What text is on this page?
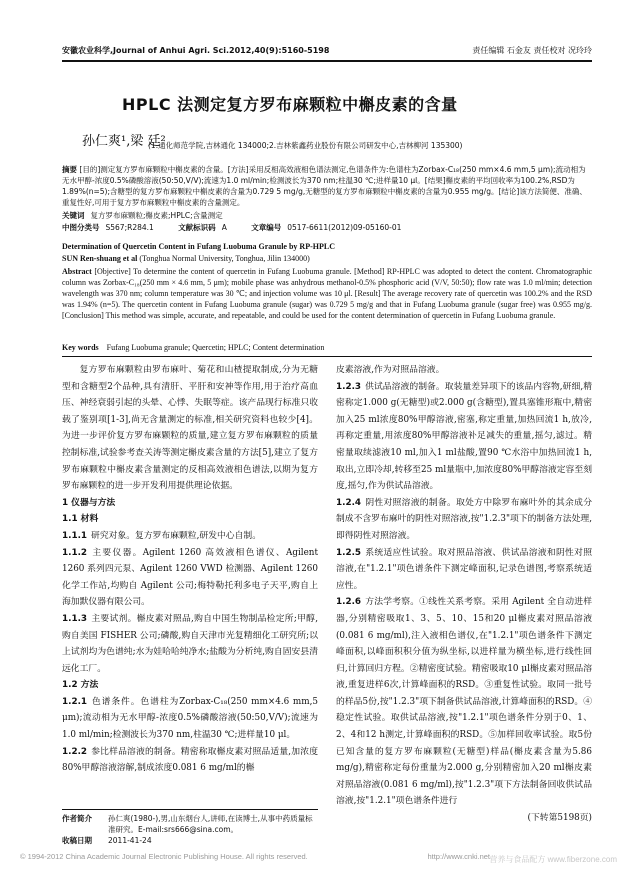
安徽农业科学,Journal of Anhui Agri. Sci.2012,40(9):5160-5198	责任编辑 石金友 责任校对 况玲玲
HPLC 法测定复方罗布麻颗粒中槲皮素的含量
孙仁爽¹,梁 廷²
(1.通化师范学院,吉林通化 134000;2.吉林紫鑫药业股份有限公司研发中心,吉林柳河 135300)
摘要 [目的]测定复方罗布麻颗粒中槲皮素的含量。[方法]采用反相高效液相色谱法测定,色谱条件为:色谱柱为Zorbax-C₁₈(250 mm×4.6 mm,5 μm);流动相为无水甲醇-浓度0.5%磷酸溶液(50:50,V/V);流速为1.0 ml/min;检测波长为370 nm;柱温30 ℃;进样量10 μl。[结果]槲皮素的平均回收率为100.2%,RSD为1.89%(n=5);含糖型的复方罗布麻颗粒中槲皮素的含量为0.729 5 mg/g,无糖型的复方罗布麻颗粒中槲皮素的含量为0.955 mg/g。[结论]该方法简便、准确、重复性好,可用于复方罗布麻颗粒中槲皮素的含量测定。
关键词 复方罗布麻颗粒;槲皮素;HPLC;含量测定
中图分类号 S567;R284.1	文献标识码 A	文章编号 0517-6611(2012)09-05160-01
Determination of Quercetin Content in Fufang Luobuma Granule by RP-HPLC
SUN Ren-shuang et al (Tonghua Normal University, Tonghua, Jilin 134000)
Abstract [Objective] To determine the content of quercetin in Fufang Luobuma granule. [Method] RP-HPLC was adopted to detect the content. Chromatographic column was Zorbax-C₁₈(250 mm × 4.6 mm, 5 μm); mobile phase was anhydrous methanol-0.5% phosphoric acid (V/V, 50:50); flow rate was 1.0 ml/min; detection wavelength was 370 nm; column temperature was 30 ℃; and injection volume was 10 μl. [Result] The average recovery rate of quercetin was 100.2% and the RSD was 1.94% (n=5). The quercetin content in Fufang Luobuma granule (sugar) was 0.729 5 mg/g and that in Fufang Luobuma granule (sugar free) was 0.955 mg/g. [Conclusion] This method was simple, accurate, and repeatable, and could be used for the content determination of quercetin in Fufang Luobuma granule.
Key words Fufang Luobuma granule; Quercetin; HPLC; Content determination

复方罗布麻颗粒由罗布麻叶、菊花和山楂提取制成,分为无糖型和含糖型2个品种,具有清肝、平肝和安神等作用,用于治疗高血压、神经衰弱引起的头晕、心悸、失眠等症。该产品现行标准只收载了鉴别项[1-3],尚无含量测定的标准,相关研究资料也较少[4]。为进一步评价复方罗布麻颗粒的质量,建立复方罗布麻颗粒的质量控制标准,试验参考查关涛等测定槲皮素含量的方法[5],建立了复方罗布麻颗粒中槲皮素含量测定的反相高效液相色谱法,以期为复方罗布麻颗粒的进一步开发利用提供理论依据。

1 仪器与方法

1.1 材料

1.1.1 研究对象。复方罗布麻颗粒,研发中心自制。

1.1.2 主要仪器。Agilent 1260 高效液相色谱仪、Agilent 1260 系列四元泵、Agilent 1260 VWD 检测器、Agilent 1260 化学工作站,均购自 Agilent 公司;梅特勒托利多电子天平,购自上海加默仪器有限公司。

1.1.3 主要试剂。槲皮素对照品,购自中国生物制品检定所;甲醇,购自美国 FISHER 公司;磷酸,购自天津市光复精细化工研究所;以上试剂均为色谱纯;水为娃哈哈纯净水;盐酸为分析纯,购自固安县清远化工厂。

1.2 方法

1.2.1 色谱条件。色谱柱为Zorbax-C₁₈(250 mm×4.6 mm,5 μm);流动相为无水甲醇-浓度0.5%磷酸溶液(50:50,V/V);流速为1.0 ml/min;检测波长为370 nm,柱温30 ℃;进样量10 μl。

1.2.2 参比样品溶液的制备。精密称取槲皮素对照品适量,加浓度80%甲醇溶液溶解,制成浓度0.081 6 mg/ml的槲

皮素溶液,作为对照品溶液。

1.2.3 供试品溶液的制备。取装量差异项下的该品内容物,研细,精密称定1.000 g(无糖型)或2.000 g(含糖型),置具塞锥形瓶中,精密加入25 ml浓度80%甲醇溶液,密塞,称定重量,加热回流1 h,放冷,再称定重量,用浓度80%甲醇溶液补足减失的重量,摇匀,滤过。精密量取续滤液10 ml,加入1 ml盐酸,置90 ℃水浴中加热回流1 h,取出,立即冷却,转移至25 ml量瓶中,加浓度80%甲醇溶液定容至刻度,摇匀,作为供试品溶液。

1.2.4 阴性对照溶液的制备。取处方中除罗布麻叶外的其余成分制成不含罗布麻叶的阴性对照溶液,按"1.2.3"项下的制备方法处理,即得阴性对照溶液。

1.2.5 系统适应性试验。取对照品溶液、供试品溶液和阴性对照溶液,在"1.2.1"项色谱条件下测定峰面积,记录色谱图,考察系统适应性。

1.2.6 方法学考察。①线性关系考察。采用 Agilent 全自动进样器,分别精密吸取1、3、5、10、15和20 μl槲皮素对照品溶液(0.081 6 mg/ml),注入液相色谱仪,在"1.2.1"项色谱条件下测定峰面积,以峰面积积分值为纵坐标,以进样量为横坐标,进行线性回归,计算回归方程。②精密度试验。精密吸取10 μl槲皮素对照品溶液,重复进样6次,计算峰面积的RSD。③重复性试验。取同一批号的样品5份,按"1.2.3"项下制备供试品溶液,计算峰面积的RSD。④稳定性试验。取供试品溶液,按"1.2.1"项色谱条件分别于0、1、2、4和12 h测定,计算峰面积的RSD。⑤加样回收率试验。取5份已知含量的复方罗布麻颗粒(无糖型)样品(槲皮素含量为5.86 mg/g),精密称定每份重量为2.000 g,分别精密加入20 ml槲皮素对照品溶液(0.081 6 mg/ml),按"1.2.3"项下方法制备回收供试品溶液,按"1.2.1"项色谱条件进行

(下转第5198页)

作者简介	孙仁爽(1980-),男,山东烟台人,讲师,在读博士,从事中药质量标准研究。E-mail:srs666@sina.com。
收稿日期	2011-41-24
© 1994-2012 China Academic Journal Electronic Publishing House. All rights reserved.	http://www.cnki.net 营养与食品配方 www.fiberzone.com
